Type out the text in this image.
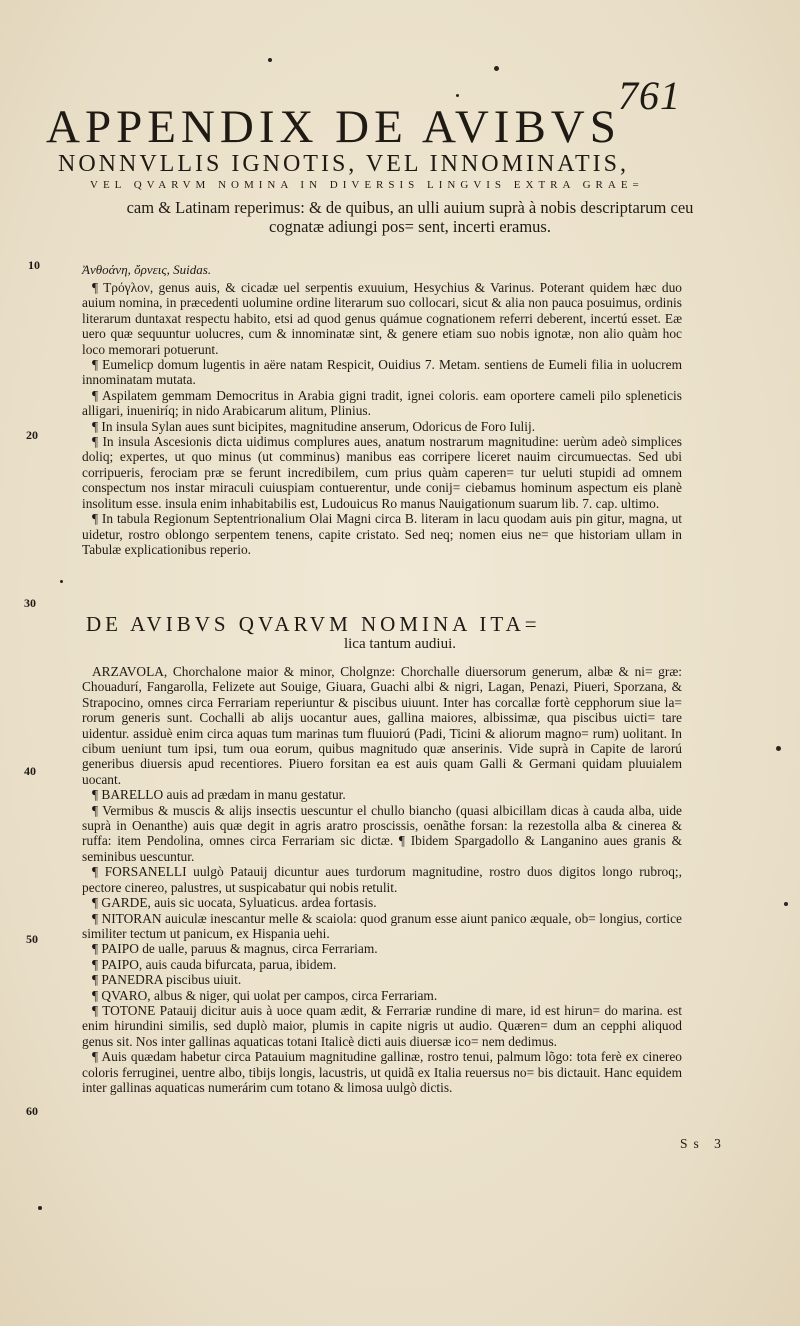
761
APPENDIX DE AVIBVS
NONNVLLIS IGNOTIS, VEL INNOMINATIS,
VEL QVARVM NOMINA IN DIVERSIS LINGVIS EXTRA GRAE=
cam & Latinam reperimus: & de quibus, an ulli auium suprà à nobis descriptarum ceu cognatæ adiungi pos= sent, incerti eramus.
10
20
30
40
50
60
Ἀνθοάνη, ὄρνεις, Suidas.

¶ Τρόγλον, genus auis, & cicadæ uel serpentis exuuium, Hesychius & Varinus. Poterant quidem hæc duo auium nomina, in præcedenti uolumine ordine literarum suo collocari, sicut & alia non pauca posuimus, ordinis literarum duntaxat respectu habito, etsi ad quod genus quámue cognationem referri deberent, incertú esset. Eæ uero quæ sequuntur uolucres, cum & innominatæ sint, & genere etiam suo nobis ignotæ, non alio quàm hoc loco memorari potuerunt.

¶ Eumelicp domum lugentis in aëre natam Respicit, Ouidius 7. Metam. sentiens de Eumeli filia in uolucrem innominatam mutata.

¶ Aspilatem gemmam Democritus in Arabia gigni tradit, ignei coloris. eam oportere cameli pilo spleneticis alligari, inueniríq; in nido Arabicarum alitum, Plinius.

¶ In insula Sylan aues sunt bicipites, magnitudine anserum, Odoricus de Foro Iulij.

¶ In insula Ascesionis dicta uidimus complures aues, anatum nostrarum magnitudine: uerùm adeò simplices doliq; expertes, ut quo minus (ut comminus) manibus eas corripere liceret nauim circumuectas. Sed ubi corripueris, ferociam præ se ferunt incredibilem, cum prius quàm caperen= tur ueluti stupidi ad omnem conspectum nos instar miraculi cuiuspiam contuerentur, unde conij= ciebamus hominum aspectum eis planè insolitum esse. insula enim inhabitabilis est, Ludouicus Ro manus Nauigationum suarum lib. 7. cap. ultimo.

¶ In tabula Regionum Septentrionalium Olai Magni circa B. literam in lacu quodam auis pin gitur, magna, ut uidetur, rostro oblongo serpentem tenens, capite cristato. Sed neq; nomen eius ne= que historiam ullam in Tabulæ explicationibus reperio.

DE AVIBVS QVARVM NOMINA ITA=
lica tantum audiui.

ARZAVOLA, Chorchalone maior & minor, Cholgnze: Chorchalle diuersorum generum, albæ & ni= græ: Chouadurí, Fangarolla, Felizete aut Souige, Giuara, Guachi albi & nigri, Lagan, Penazi, Piueri, Sporzana, & Strapocino, omnes circa Ferrariam reperiuntur & piscibus uiuunt. Inter has corcallæ fortè cepphorum siue la= rorum generis sunt. Cochalli ab alijs uocantur aues, gallina maiores, albissimæ, qua piscibus uicti= tare uidentur. assiduè enim circa aquas tum marinas tum fluuiorú (Padi, Ticini & aliorum magno= rum) uolitant. In cibum ueniunt tum ipsi, tum oua eorum, quibus magnitudo quæ anserinis. Vide suprà in Capite de larorú generibus diuersis apud recentiores. Piuero forsitan ea est auis quam Galli & Germani quidam pluuialem uocant.

¶ BARELLO auis ad prædam in manu gestatur.

¶ Vermibus & muscis & alijs insectis uescuntur el chullo biancho (quasi albicillam dicas à cauda alba, uide suprà in Oenanthe) auis quæ degit in agris aratro proscissis, oenãthe forsan: la rezestolla alba & cinerea & ruffa: item Pendolina, omnes circa Ferrariam sic dictæ. ¶ Ibidem Spargadollo & Langanino aues granis & seminibus uescuntur.

¶ FORSANELLI uulgò Patauij dicuntur aues turdorum magnitudine, rostro duos digitos longo rubroq;, pectore cinereo, palustres, ut suspicabatur qui nobis retulit.

¶ GARDE, auis sic uocata, Syluaticus. ardea fortasis.

¶ NITORAN auiculæ inescantur melle & scaiola: quod granum esse aiunt panico æquale, ob= longius, cortice similiter tectum ut panicum, ex Hispania uehi.

¶ PAIPO de ualle, paruus & magnus, circa Ferrariam.

¶ PAIPO, auis cauda bifurcata, parua, ibidem.

¶ PANEDRA piscibus uiuit.

¶ QVARO, albus & niger, qui uolat per campos, circa Ferrariam.

¶ TOTONE Patauij dicitur auis à uoce quam ædit, & Ferrariæ rundine di mare, id est hirun= do marina. est enim hirundini similis, sed duplò maior, plumis in capite nigris ut audio. Quæren= dum an cepphi aliquod genus sit. Nos inter gallinas aquaticas totani Italicè dicti auis diuersæ ico= nem dedimus.

¶ Auis quædam habetur circa Patauium magnitudine gallinæ, rostro tenui, palmum lõgo: tota ferè ex cinereo coloris ferruginei, uentre albo, tibijs longis, lacustris, ut quidã ex Italia reuersus no= bis dictauit. Hanc equidem inter gallinas aquaticas numerárim cum totano & limosa uulgò dictis.

Ss 3
